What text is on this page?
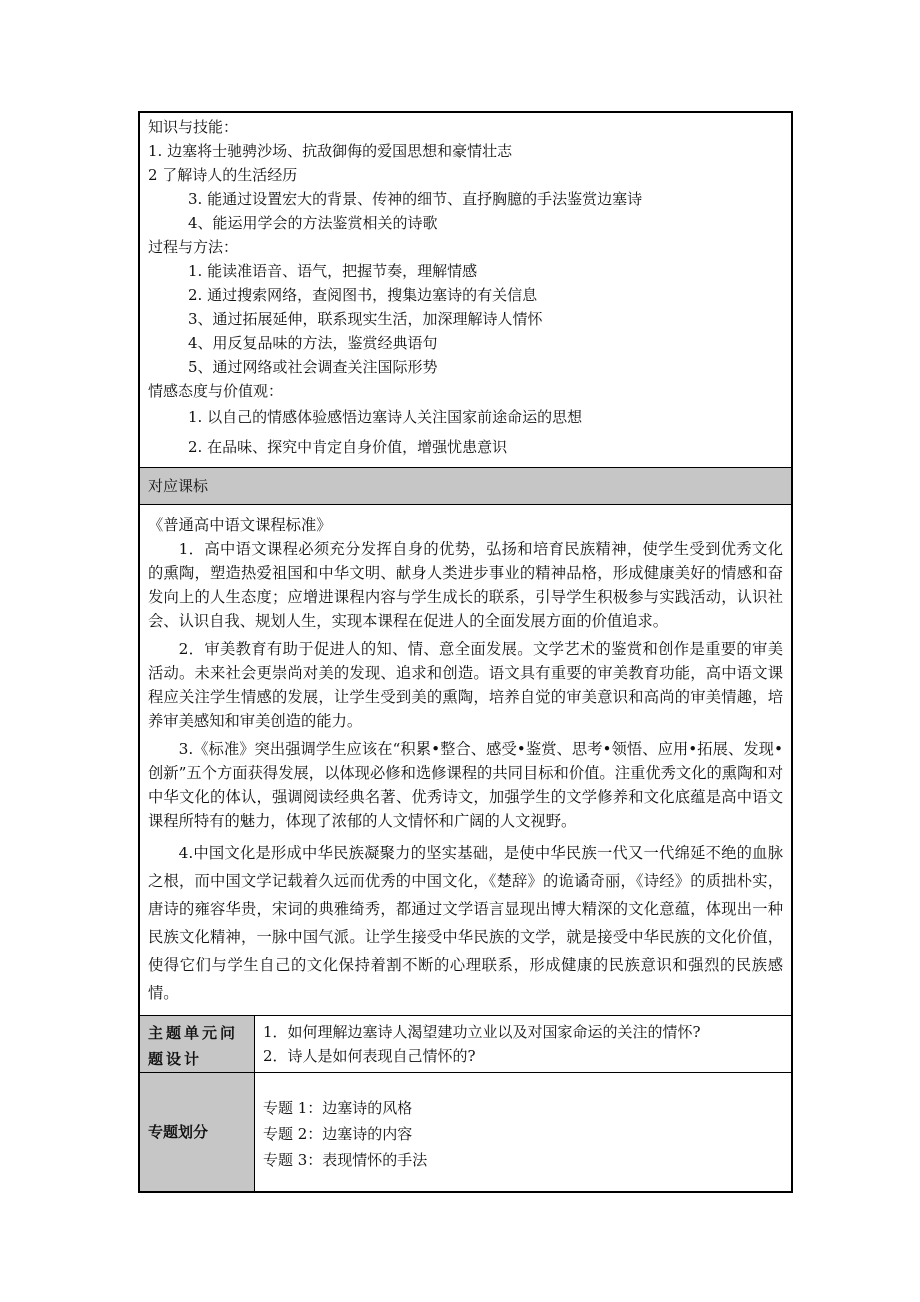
知识与技能：
1. 边塞将士驰骋沙场、抗敌御侮的爱国思想和豪情壮志
2 了解诗人的生活经历
3. 能通过设置宏大的背景、传神的细节、直抒胸臆的手法鉴赏边塞诗
4、能运用学会的方法鉴赏相关的诗歌
过程与方法：
1. 能读准语音、语气，把握节奏，理解情感
2. 通过搜索网络，查阅图书，搜集边塞诗的有关信息
3、通过拓展延伸，联系现实生活，加深理解诗人情怀
4、用反复品味的方法，鉴赏经典语句
5、通过网络或社会调查关注国际形势
情感态度与价值观：
1. 以自己的情感体验感悟边塞诗人关注国家前途命运的思想
2. 在品味、探究中肯定自身价值，增强忧患意识
对应课标
《普通高中语文课程标准》

1．高中语文课程必须充分发挥自身的优势，弘扬和培育民族精神，使学生受到优秀文化的熏陶，塑造热爱祖国和中华文明、献身人类进步事业的精神品格，形成健康美好的情感和奋发向上的人生态度；应增进课程内容与学生成长的联系，引导学生积极参与实践活动，认识社会、认识自我、规划人生，实现本课程在促进人的全面发展方面的价值追求。

2．审美教育有助于促进人的知、情、意全面发展。文学艺术的鉴赏和创作是重要的审美活动。未来社会更崇尚对美的发现、追求和创造。语文具有重要的审美教育功能，高中语文课程应关注学生情感的发展，让学生受到美的熏陶，培养自觉的审美意识和高尚的审美情趣，培养审美感知和审美创造的能力。

3.《标准》突出强调学生应该在“积累•整合、感受•鉴赏、思考•领悟、应用•拓展、发现•创新”五个方面获得发展，以体现必修和选修课程的共同目标和价值。注重优秀文化的熏陶和对中华文化的体认，强调阅读经典名著、优秀诗文，加强学生的文学修养和文化底蕴是高中语文课程所特有的魅力，体现了浓郁的人文情怀和广阔的人文视野。

4.中国文化是形成中华民族凝聚力的坚实基础，是使中华民族一代又一代绵延不绝的血脉之根，而中国文学记载着久远而优秀的中国文化，《楚辞》的诡谲奇丽，《诗经》的质拙朴实，唐诗的雍容华贵，宋词的典雅绮秀，都通过文学语言显现出博大精深的文化意蕴，体现出一种民族文化精神，一脉中国气派。让学生接受中华民族的文学，就是接受中华民族的文化价值，使得它们与学生自己的文化保持着割不断的心理联系，形成健康的民族意识和强烈的民族感情。

主题单元问题设计
1．如何理解边塞诗人渴望建功立业以及对国家命运的关注的情怀?
2．诗人是如何表现自己情怀的?
专题划分
专题 1：边塞诗的风格
专题 2：边塞诗的内容
专题 3：表现情怀的手法
